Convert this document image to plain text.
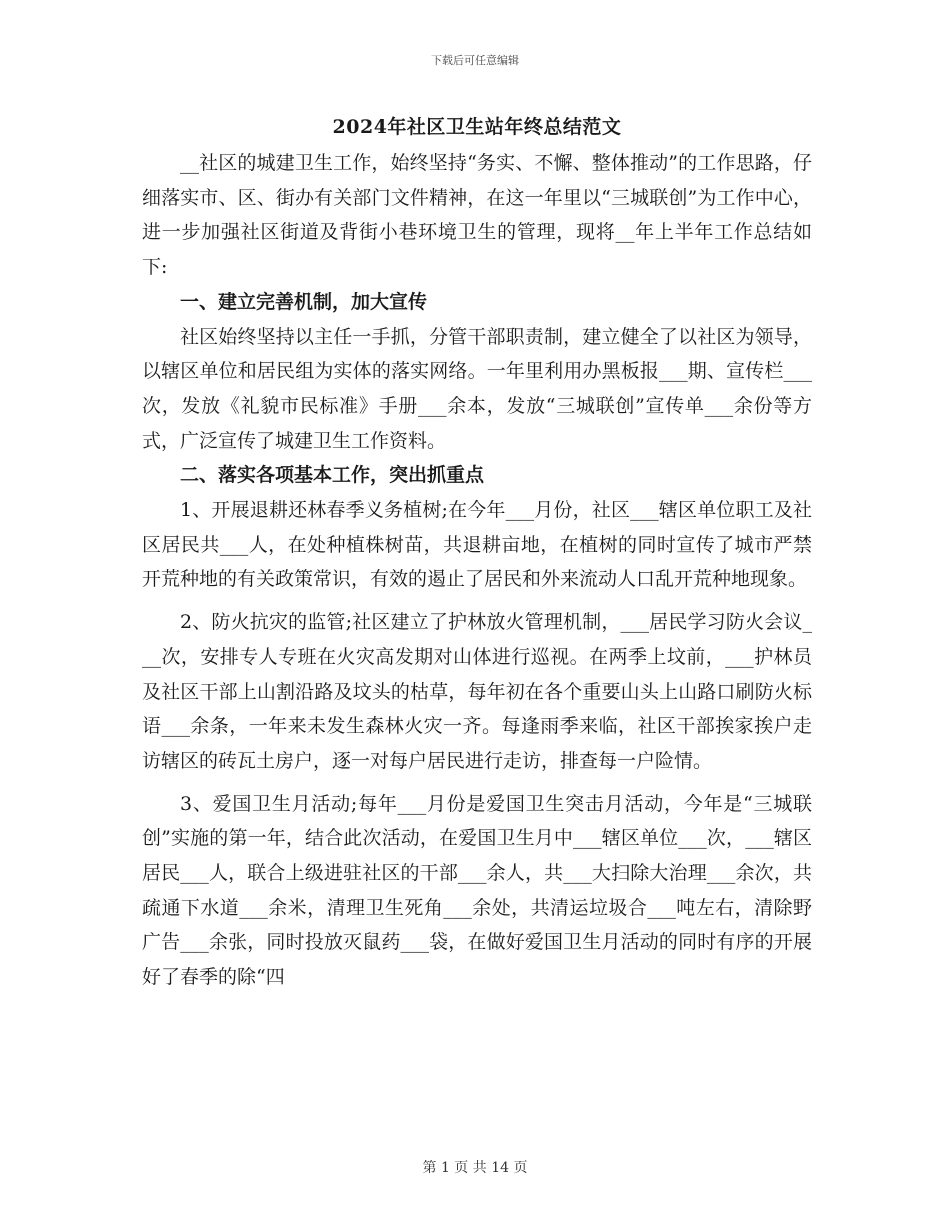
下载后可任意编辑
2024年社区卫生站年终总结范文

__社区的城建卫生工作，始终坚持“务实、不懈、整体推动”的工作思路，仔细落实市、区、街办有关部门文件精神，在这一年里以“三城联创”为工作中心，进一步加强社区街道及背街小巷环境卫生的管理，现将__年上半年工作总结如下:

一、建立完善机制，加大宣传

社区始终坚持以主任一手抓，分管干部职责制，建立健全了以社区为领导，以辖区单位和居民组为实体的落实网络。一年里利用办黑板报___期、宣传栏___次，发放《礼貌市民标准》手册___余本，发放“三城联创”宣传单___余份等方式，广泛宣传了城建卫生工作资料。

二、落实各项基本工作，突出抓重点

1、开展退耕还林春季义务植树;在今年___月份，社区___辖区单位职工及社区居民共___人，在处种植株树苗，共退耕亩地，在植树的同时宣传了城市严禁开荒种地的有关政策常识，有效的遏止了居民和外来流动人口乱开荒种地现象。

2、防火抗灾的监管;社区建立了护林放火管理机制，___居民学习防火会议___次，安排专人专班在火灾高发期对山体进行巡视。在两季上坟前，___护林员及社区干部上山割沿路及坟头的枯草，每年初在各个重要山头上山路口刷防火标语___余条，一年来未发生森林火灾一齐。每逢雨季来临，社区干部挨家挨户走访辖区的砖瓦土房户，逐一对每户居民进行走访，排查每一户险情。

3、爱国卫生月活动;每年___月份是爱国卫生突击月活动，今年是“三城联创”实施的第一年，结合此次活动，在爱国卫生月中___辖区单位___次，___辖区居民___人，联合上级进驻社区的干部___余人，共___大扫除大治理___余次，共疏通下水道___余米，清理卫生死角___余处，共清运垃圾合___吨左右，清除野广告___余张，同时投放灭鼠药___袋，在做好爱国卫生月活动的同时有序的开展好了春季的除“四

第 1 页 共 14 页
